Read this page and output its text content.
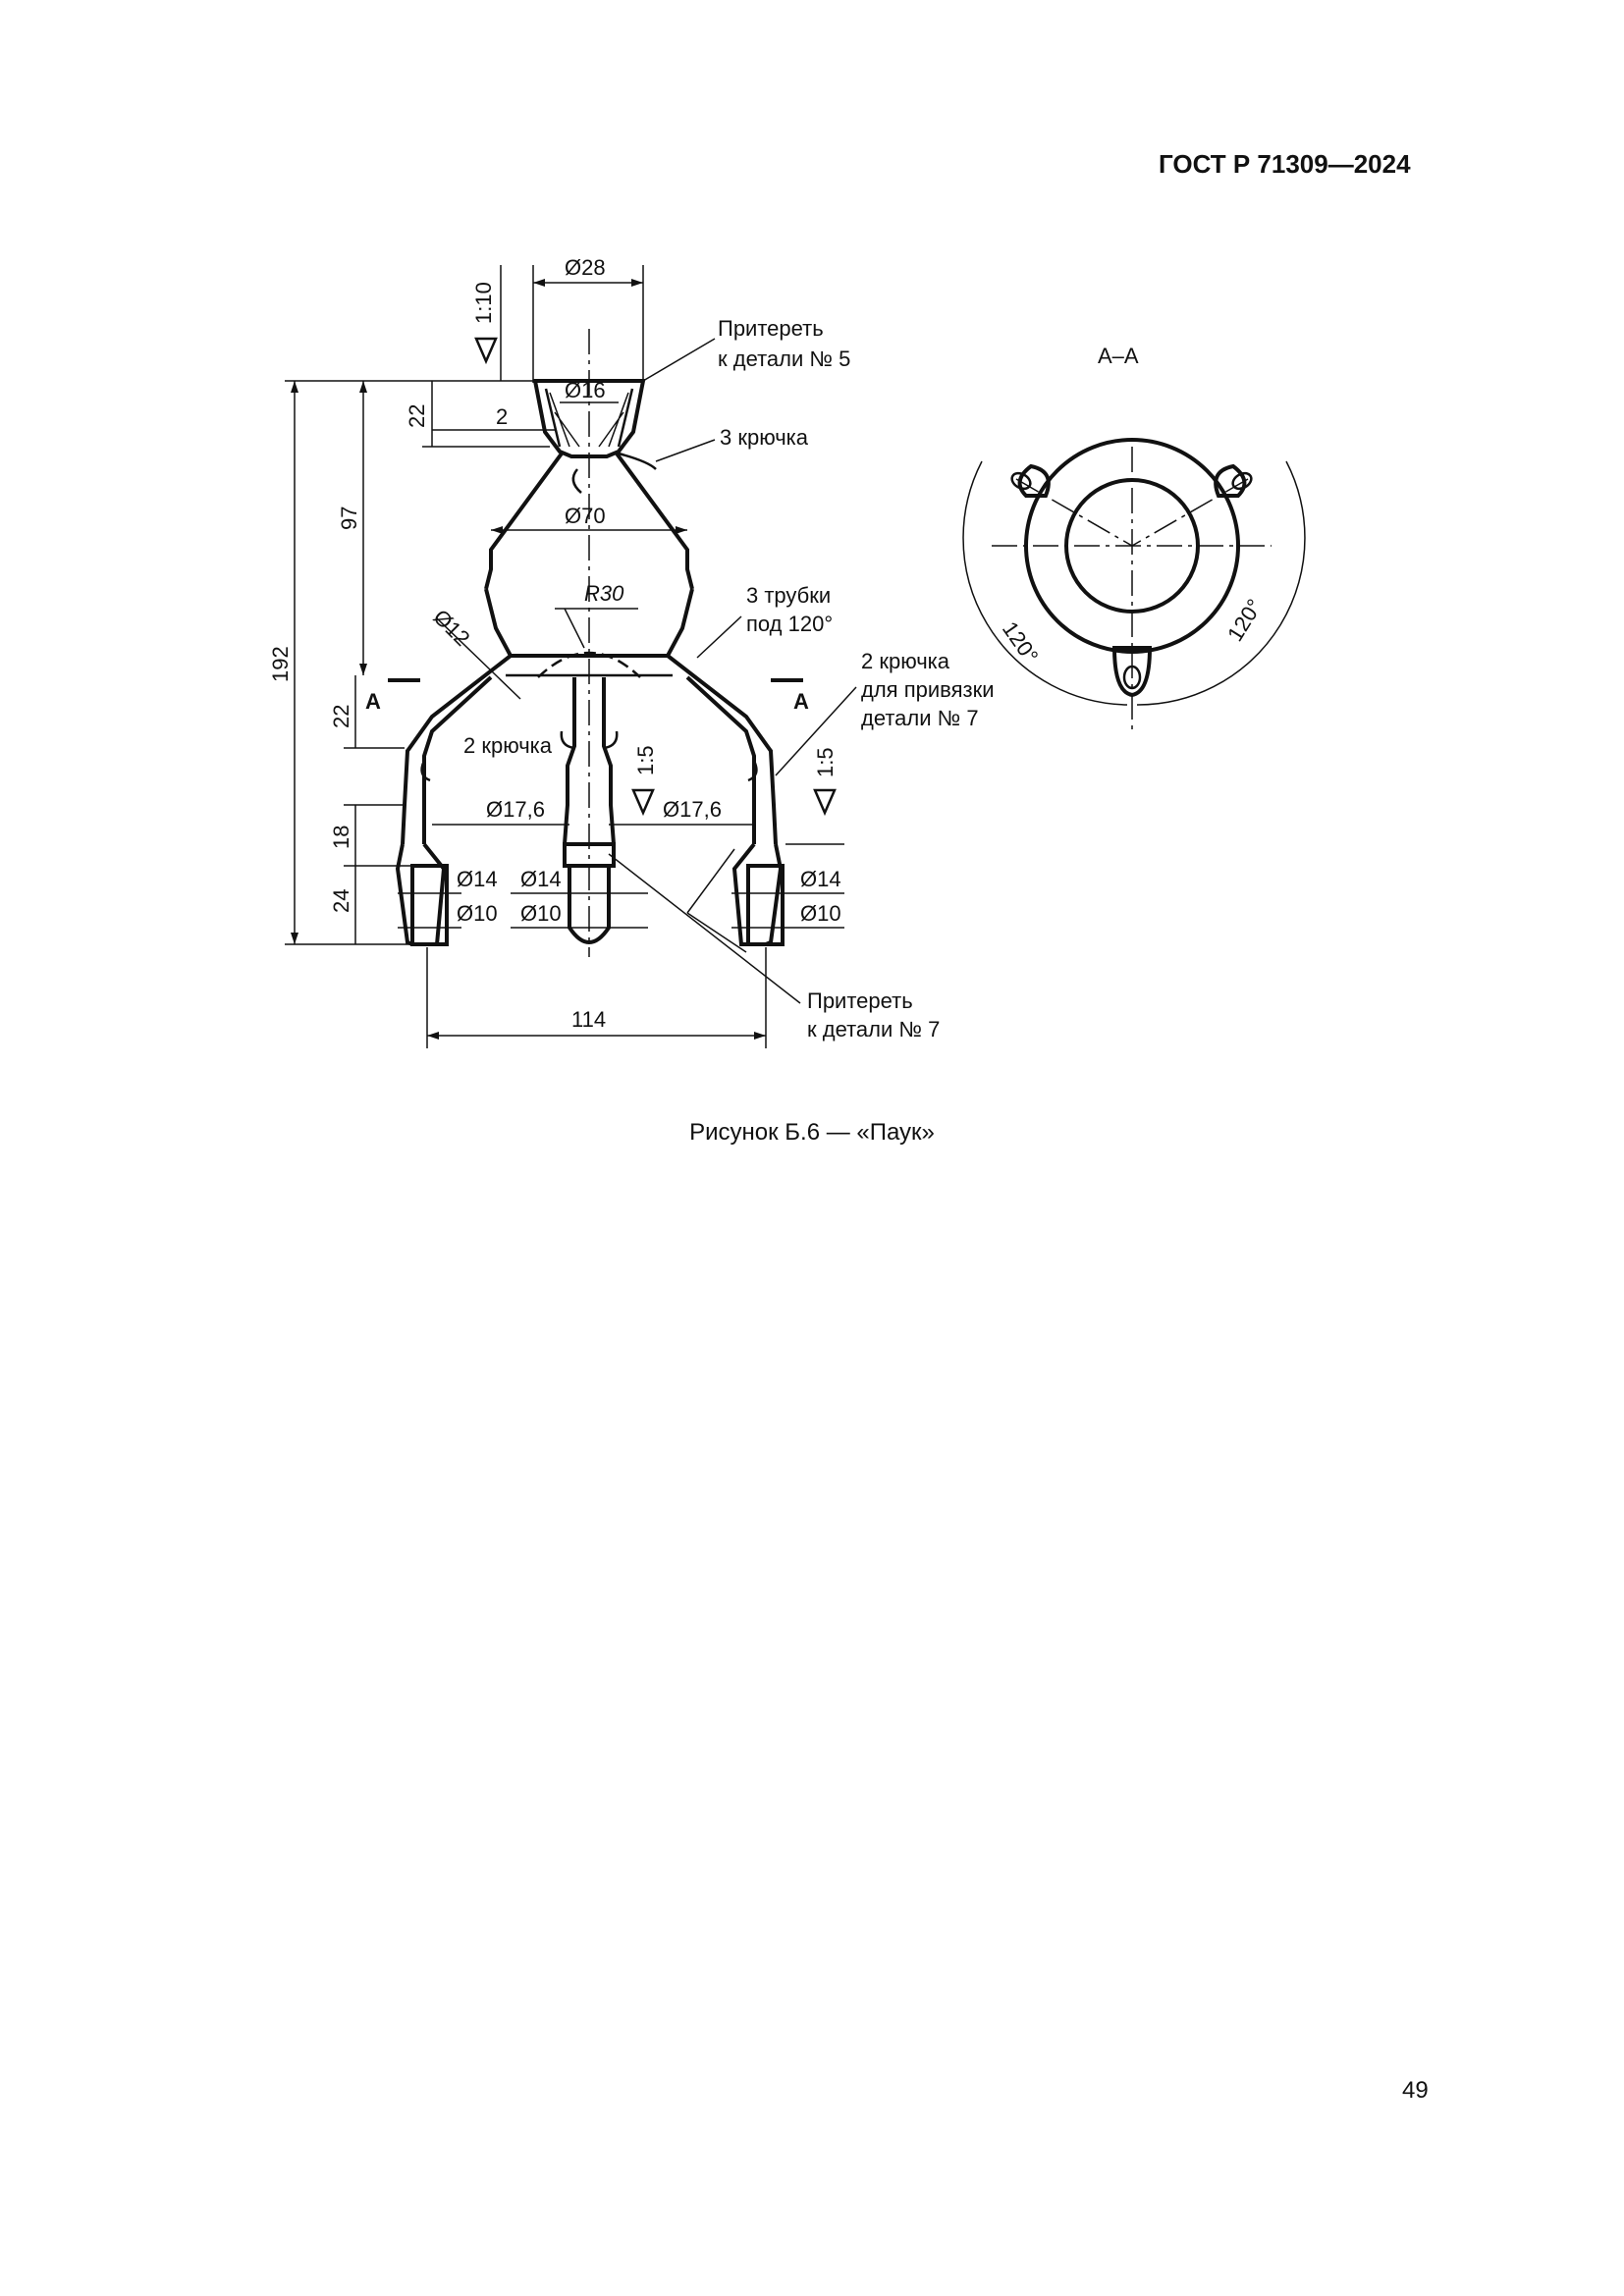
ГОСТ Р 71309—2024
Ø28
Ø16
2
1:10
192
97
22
22
18
24
Ø70
R30
Ø12
А	А
Ø17,6	Ø17,6
1:5	1:5
Ø14
Ø10
Ø14
Ø10
Ø14
Ø10
114
Притереть
к детали № 5
3 крючка
3 трубки
под 120°
2 крючка
2 крючка
для привязки
детали № 7
Притереть
к детали № 7
А–А
120°	120°
Рисунок Б.6 — «Паук»
49
